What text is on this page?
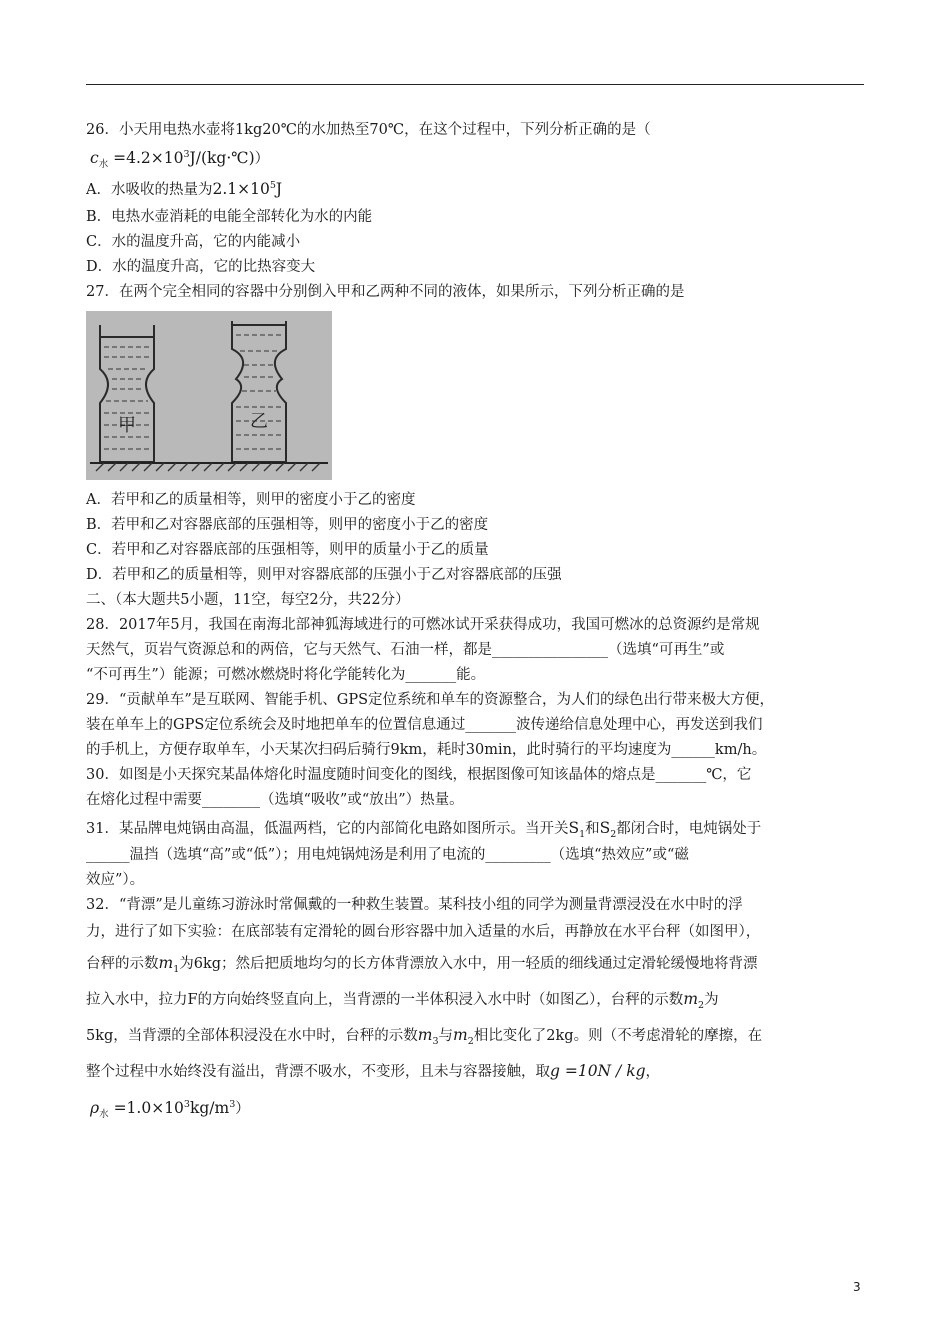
26．小天用电热水壶将1kg20℃的水加热至70℃，在这个过程中，下列分析正确的是（
$c_水$ $=4.2\times 10^3J/(kg\cdot℃)$）
A．水吸收的热量为$2.1\times 10^5J$
B．电热水壶消耗的电能全部转化为水的内能
C．水的温度升高，它的内能减小
D．水的温度升高，它的比热容变大
27．在两个完全相同的容器中分别倒入甲和乙两种不同的液体，如果所示，下列分析正确的是
甲	乙
A．若甲和乙的质量相等，则甲的密度小于乙的密度
B．若甲和乙对容器底部的压强相等，则甲的密度小于乙的密度
C．若甲和乙对容器底部的压强相等，则甲的质量小于乙的质量
D．若甲和乙的质量相等，则甲对容器底部的压强小于乙对容器底部的压强
二、（本大题共5小题，11空，每空2分，共22分）
28．2017年5月，我国在南海北部神狐海域进行的可燃冰试开采获得成功，我国可燃冰的总资源约是常规
天然气，页岩气资源总和的两倍，它与天然气、石油一样，都是________________（选填“可再生”或
“不可再生”）能源；可燃冰燃烧时将化学能转化为_______能。
29．“贡献单车”是互联网、智能手机、GPS定位系统和单车的资源整合，为人们的绿色出行带来极大方便，
装在单车上的GPS定位系统会及时地把单车的位置信息通过_______波传递给信息处理中心，再发送到我们
的手机上，方便存取单车，小天某次扫码后骑行9km，耗时30min，此时骑行的平均速度为______km/h。
30．如图是小天探究某晶体熔化时温度随时间变化的图线，根据图像可知该晶体的熔点是_______℃，它
在熔化过程中需要________（选填“吸收”或“放出”）热量。
31．某品牌电炖锅由高温，低温两档，它的内部简化电路如图所示。当开关$S_1$和$S_2$都闭合时，电炖锅处于
______温挡（选填“高”或“低”）；用电炖锅炖汤是利用了电流的_________（选填“热效应”或“磁
效应”）。
32．“背漂”是儿童练习游泳时常佩戴的一种救生装置。某科技小组的同学为测量背漂浸没在水中时的浮
力，进行了如下实验：在底部装有定滑轮的圆台形容器中加入适量的水后，再静放在水平台秤（如图甲），
台秤的示数$m_1$为6kg；然后把质地均匀的长方体背漂放入水中，用一轻质的细线通过定滑轮缓慢地将背漂
拉入水中，拉力F的方向始终竖直向上，当背漂的一半体积浸入水中时（如图乙），台秤的示数$m_2$为
5kg，当背漂的全部体积浸没在水中时，台秤的示数$m_3$与$m_2$相比变化了2kg。则（不考虑滑轮的摩擦，在
整个过程中水始终没有溢出，背漂不吸水，不变形，且未与容器接触，取g =10N / kg，
$\rho_水 =1.0\times 10^3kg/m^3$）
3
